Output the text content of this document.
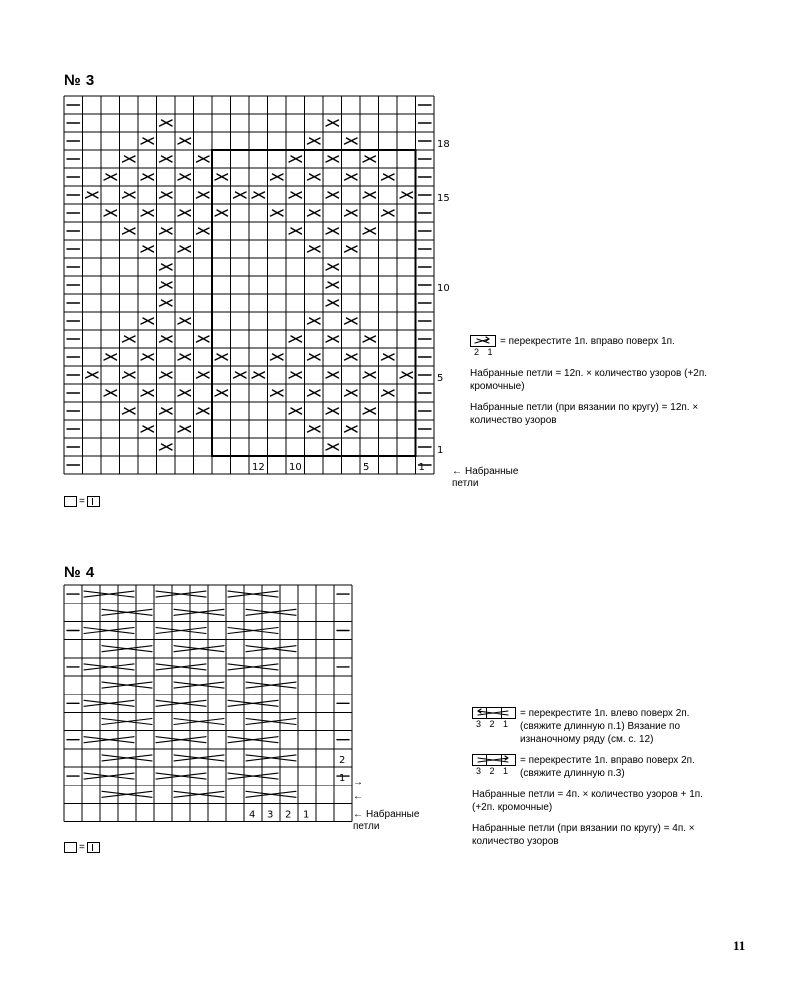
№ 3
18
15
10
5
1
12 10	5	1
2 1
= перекрестите 1п. вправо поверх 1п.

Набранные петли = 12п. × количество узоров (+2п. кромочные)

Набранные петли (при вязании по кругу) = 12п. × количество узоров

← Набранные петли
=
№ 4
2
1
4 3 2 1
→
←
← Набранные петли
3 2 1
= перекрестите 1п. влево поверх 2п. (свяжите длинную п.1) Вязание по изнаночному ряду (см. с. 12)
3 2 1
= перекрестите 1п. вправо поверх 2п. (свяжите длинную п.3)

Набранные петли = 4п. × количество узоров + 1п. (+2п. кромочные)

Набранные петли (при вязании по кругу) = 4п. × количество узоров

=
11
